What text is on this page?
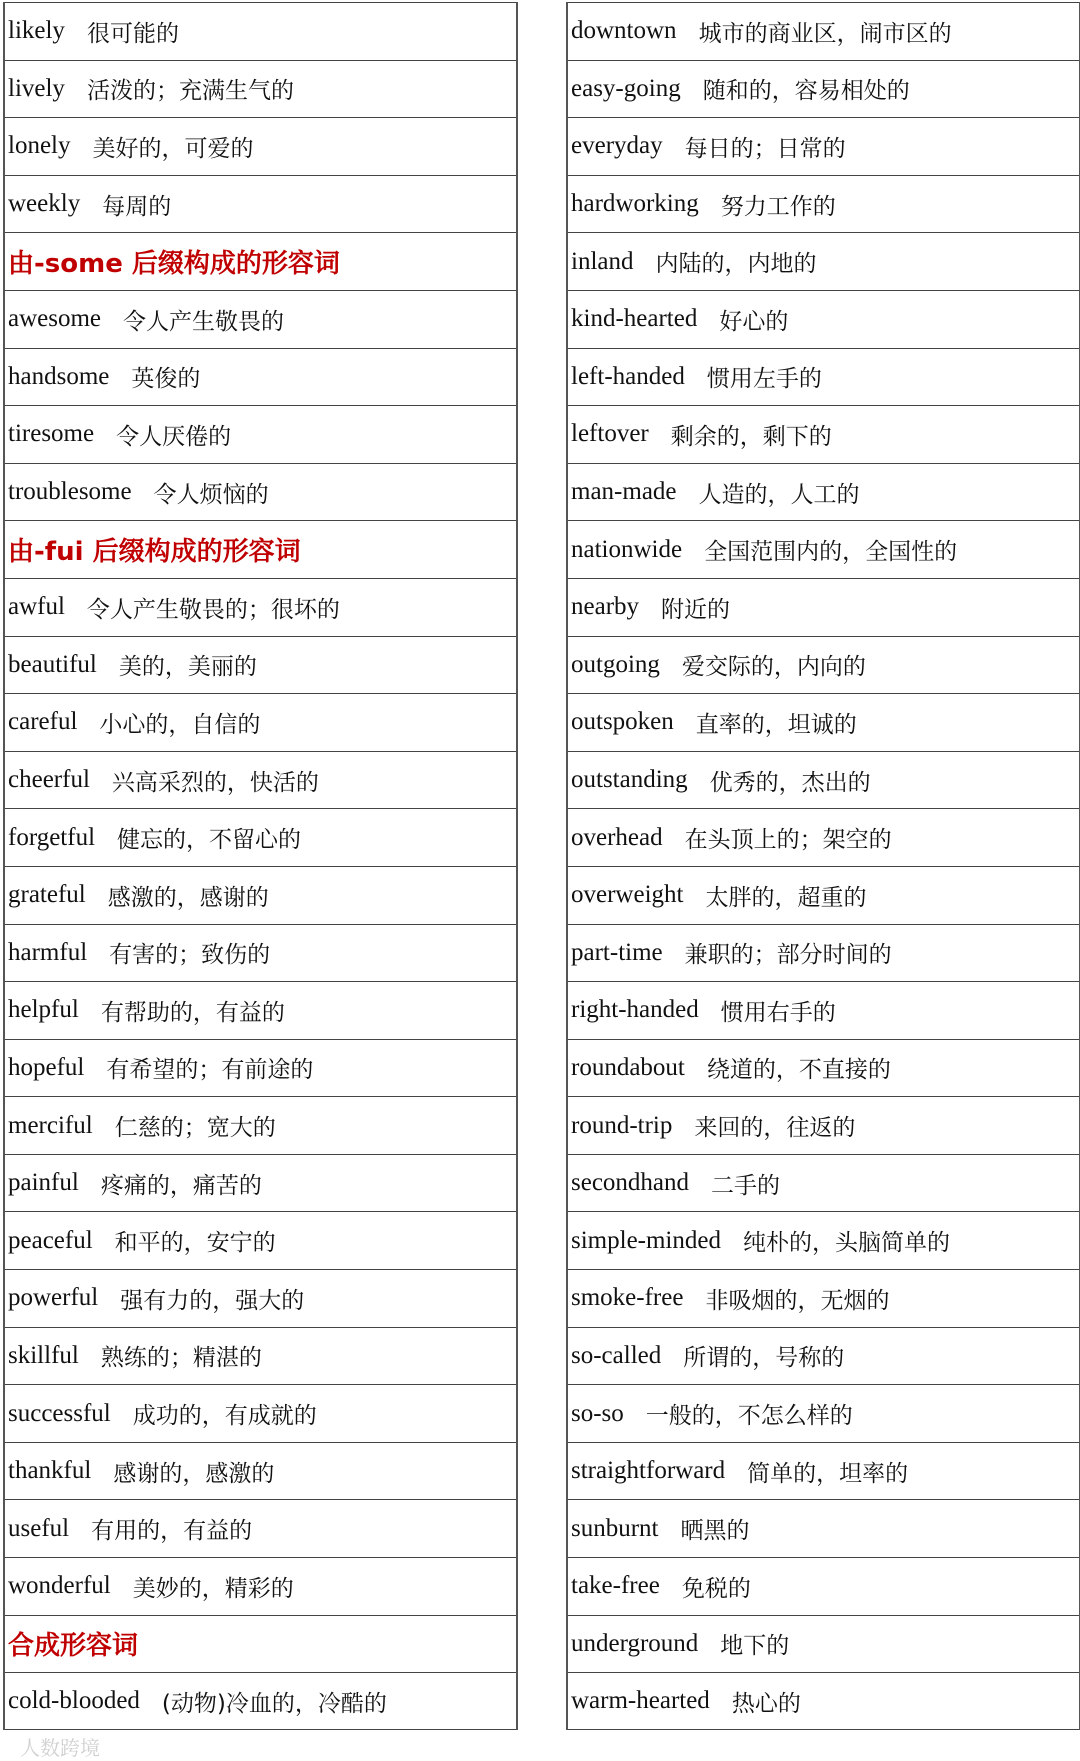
likely 很可能的
lively 活泼的；充满生气的
lonely 美好的，可爱的
weekly 每周的
由-some 后缀构成的形容词
awesome 令人产生敬畏的
handsome 英俊的
tiresome 令人厌倦的
troublesome 令人烦恼的
由-fui 后缀构成的形容词
awful 令人产生敬畏的；很坏的
beautiful 美的，美丽的
careful 小心的，自信的
cheerful 兴高采烈的，快活的
forgetful 健忘的，不留心的
grateful 感激的，感谢的
harmful 有害的；致伤的
helpful 有帮助的，有益的
hopeful 有希望的；有前途的
merciful 仁慈的；宽大的
painful 疼痛的，痛苦的
peaceful 和平的，安宁的
powerful 强有力的，强大的
skillful 熟练的；精湛的
successful 成功的，有成就的
thankful 感谢的，感激的
useful 有用的，有益的
wonderful 美妙的，精彩的
合成形容词
cold-blooded (动物)冷血的，冷酷的
downtown 城市的商业区，闹市区的
easy-going 随和的，容易相处的
everyday 每日的；日常的
hardworking 努力工作的
inland 内陆的，内地的
kind-hearted 好心的
left-handed 惯用左手的
leftover 剩余的，剩下的
man-made 人造的，人工的
nationwide 全国范围内的，全国性的
nearby 附近的
outgoing 爱交际的，内向的
outspoken 直率的，坦诚的
outstanding 优秀的，杰出的
overhead 在头顶上的；架空的
overweight 太胖的，超重的
part-time 兼职的；部分时间的
right-handed 惯用右手的
roundabout 绕道的，不直接的
round-trip 来回的，往返的
secondhand 二手的
simple-minded 纯朴的，头脑简单的
smoke-free 非吸烟的，无烟的
so-called 所谓的，号称的
so-so 一般的，不怎么样的
straightforward 简单的，坦率的
sunburnt 晒黑的
take-free 免税的
underground 地下的
warm-hearted 热心的
人数跨境
